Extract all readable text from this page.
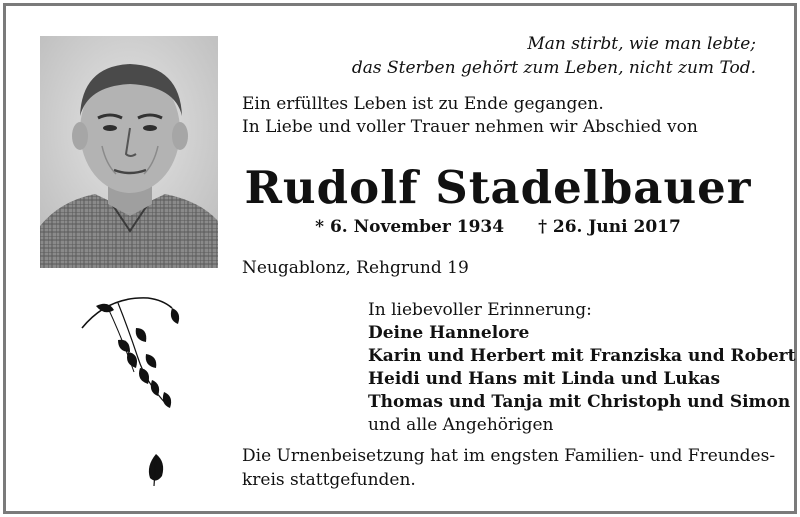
Man stirbt, wie man lebte;
das Sterben gehört zum Leben, nicht zum Tod.
Ein erfülltes Leben ist zu Ende gegangen.
In Liebe und voller Trauer nehmen wir Abschied von
Rudolf Stadelbauer
* 6. November 1934 † 26. Juni 2017
Neugablonz, Rehgrund 19
In liebevoller Erinnerung:
Deine Hannelore
Karin und Herbert mit Franziska und Robert
Heidi und Hans mit Linda und Lukas
Thomas und Tanja mit Christoph und Simon
und alle Angehörigen
Die Urnenbeisetzung hat im engsten Familien- und Freundes-
kreis stattgefunden.
